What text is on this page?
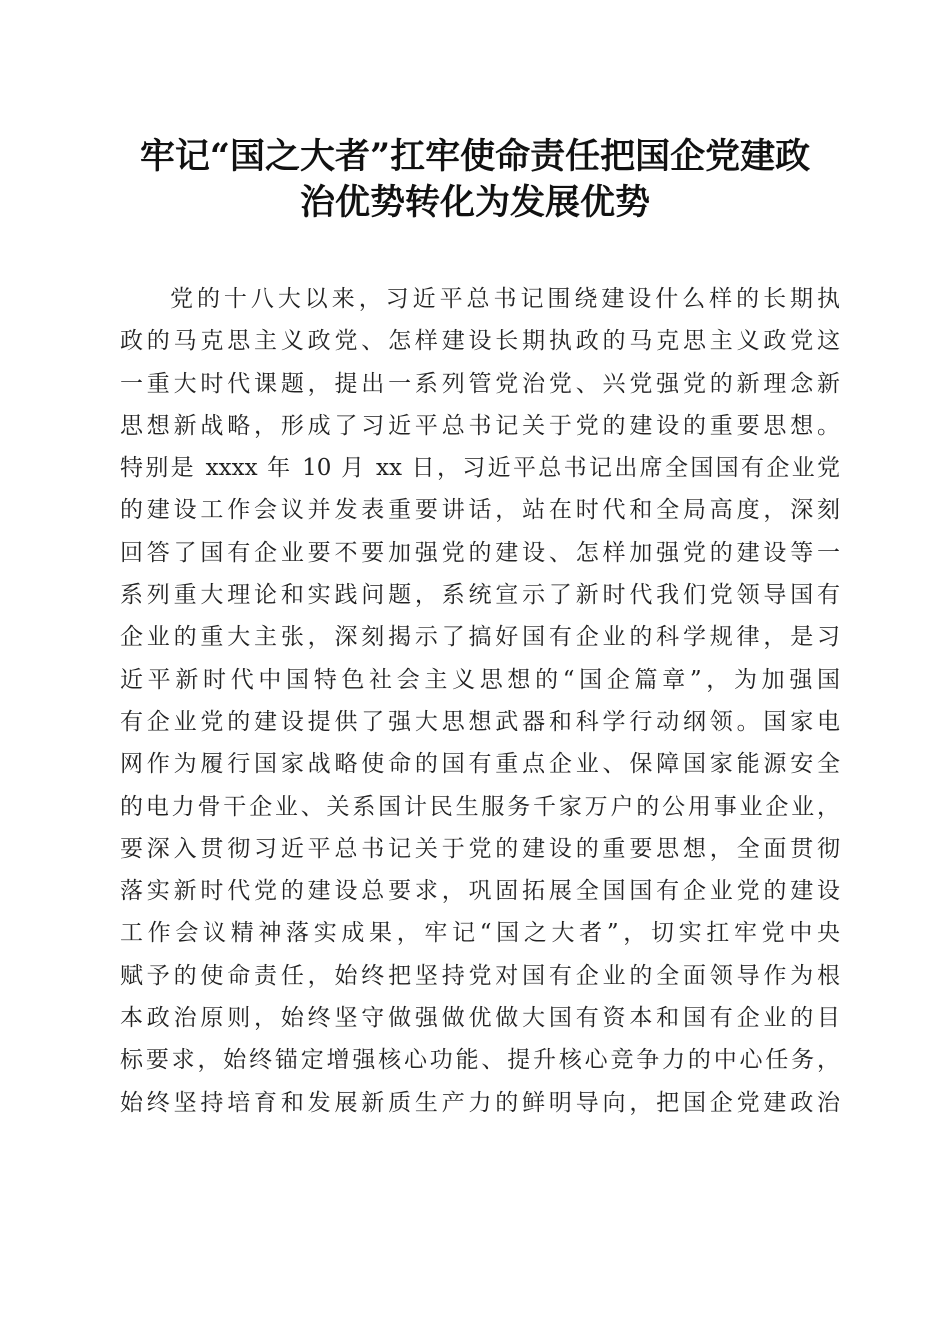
牢记“国之大者”扛牢使命责任把国企党建政
治优势转化为发展优势
党的十八大以来，习近平总书记围绕建设什么样的长期执
政的马克思主义政党、怎样建设长期执政的马克思主义政党这
一重大时代课题，提出一系列管党治党、兴党强党的新理念新
思想新战略，形成了习近平总书记关于党的建设的重要思想。
特别是 xxxx 年 10 月 xx 日，习近平总书记出席全国国有企业党
的建设工作会议并发表重要讲话，站在时代和全局高度，深刻
回答了国有企业要不要加强党的建设、怎样加强党的建设等一
系列重大理论和实践问题，系统宣示了新时代我们党领导国有
企业的重大主张，深刻揭示了搞好国有企业的科学规律，是习
近平新时代中国特色社会主义思想的“国企篇章”，为加强国
有企业党的建设提供了强大思想武器和科学行动纲领。国家电
网作为履行国家战略使命的国有重点企业、保障国家能源安全
的电力骨干企业、关系国计民生服务千家万户的公用事业企业，
要深入贯彻习近平总书记关于党的建设的重要思想，全面贯彻
落实新时代党的建设总要求，巩固拓展全国国有企业党的建设
工作会议精神落实成果，牢记“国之大者”，切实扛牢党中央
赋予的使命责任，始终把坚持党对国有企业的全面领导作为根
本政治原则，始终坚守做强做优做大国有资本和国有企业的目
标要求，始终锚定增强核心功能、提升核心竞争力的中心任务，
始终坚持培育和发展新质生产力的鲜明导向，把国企党建政治
